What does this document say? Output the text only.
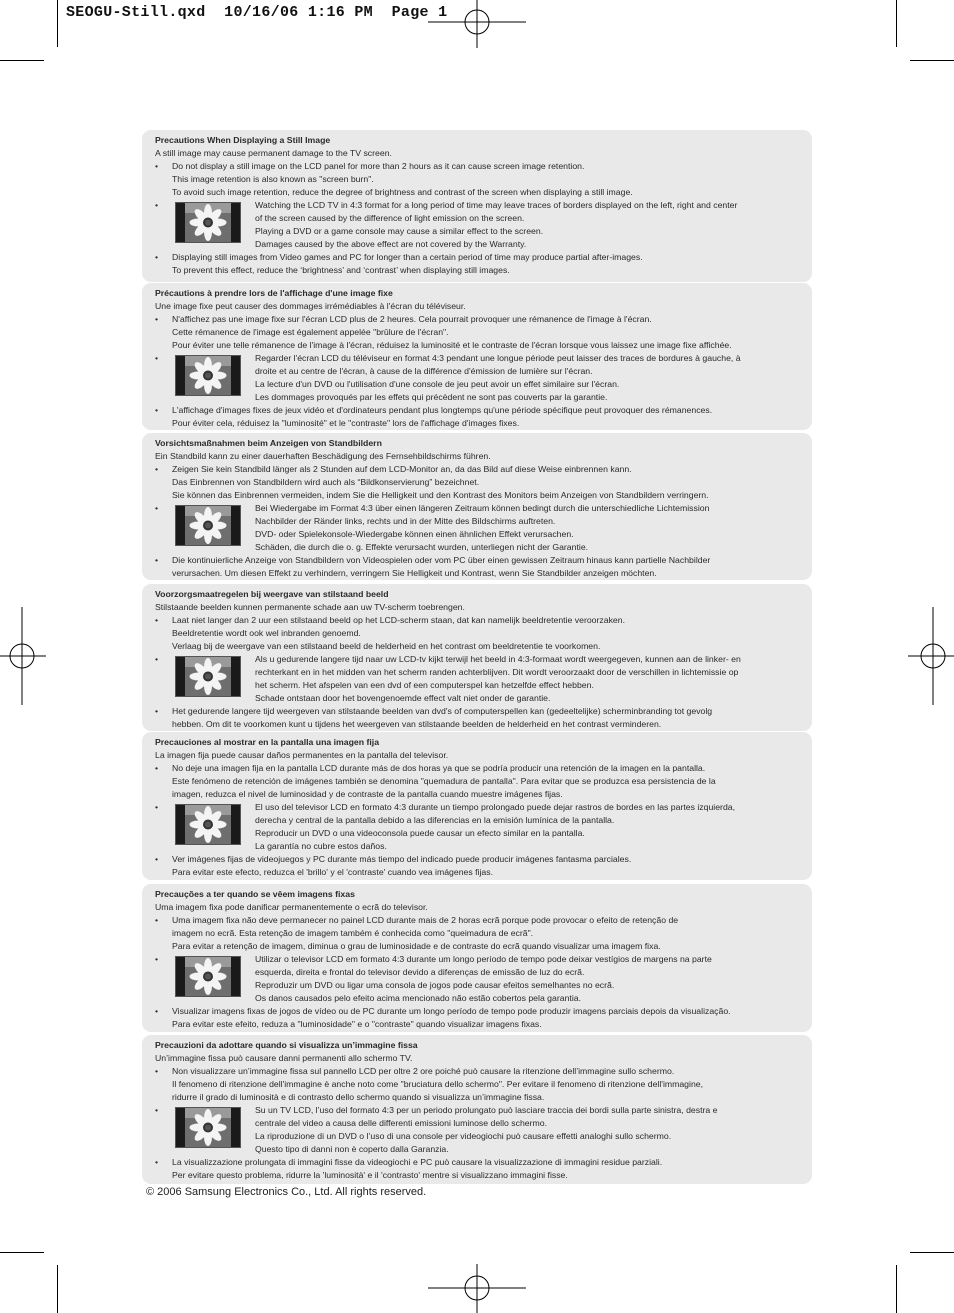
SEOGU-Still.qxd 10/16/06 1:16 PM Page 1
Precautions When Displaying a Still Image
A still image may cause permanent damage to the TV screen.
• Do not display a still image on the LCD panel for more than 2 hours as it can cause screen image retention.
This image retention is also known as "screen burn".
To avoid such image retention, reduce the degree of brightness and contrast of the screen when displaying a still image.
•	Watching the LCD TV in 4:3 format for a long period of time may leave traces of borders displayed on the left, right and center
of the screen caused by the difference of light emission on the screen.
Playing a DVD or a game console may cause a similar effect to the screen.
Damages caused by the above effect are not covered by the Warranty.
• Displaying still images from Video games and PC for longer than a certain period of time may produce partial after-images.
To prevent this effect, reduce the ‘brightness’ and ‘contrast’ when displaying still images.
Précautions à prendre lors de l'affichage d'une image fixe
Une image fixe peut causer des dommages irrémédiables à l'écran du téléviseur.
• N'affichez pas une image fixe sur l'écran LCD plus de 2 heures. Cela pourrait provoquer une rémanence de l'image à l'écran.
Cette rémanence de l'image est également appelée "brûlure de l'écran".
Pour éviter une telle rémanence de l'image à l'écran, réduisez la luminosité et le contraste de l'écran lorsque vous laissez une image fixe affichée.
•	Regarder l'écran LCD du téléviseur en format 4:3 pendant une longue période peut laisser des traces de bordures à gauche, à
droite et au centre de l'écran, à cause de la différence d'émission de lumière sur l'écran.
La lecture d'un DVD ou l'utilisation d'une console de jeu peut avoir un effet similaire sur l'écran.
Les dommages provoqués par les effets qui précèdent ne sont pas couverts par la garantie.
• L'affichage d'images fixes de jeux vidéo et d'ordinateurs pendant plus longtemps qu'une période spécifique peut provoquer des rémanences.
Pour éviter cela, réduisez la "luminosité" et le "contraste" lors de l'affichage d'images fixes.
Vorsichtsmaßnahmen beim Anzeigen von Standbildern
Ein Standbild kann zu einer dauerhaften Beschädigung des Fernsehbildschirms führen.
• Zeigen Sie kein Standbild länger als 2 Stunden auf dem LCD-Monitor an, da das Bild auf diese Weise einbrennen kann.
Das Einbrennen von Standbildern wird auch als “Bildkonservierung” bezeichnet.
Sie können das Einbrennen vermeiden, indem Sie die Helligkeit und den Kontrast des Monitors beim Anzeigen von Standbildern verringern.
•	Bei Wiedergabe im Format 4:3 über einen längeren Zeitraum können bedingt durch die unterschiedliche Lichtemission
Nachbilder der Ränder links, rechts und in der Mitte des Bildschirms auftreten.
DVD- oder Spielekonsole-Wiedergabe können einen ähnlichen Effekt verursachen.
Schäden, die durch die o. g. Effekte verursacht wurden, unterliegen nicht der Garantie.
• Die kontinuierliche Anzeige von Standbildern von Videospielen oder vom PC über einen gewissen Zeitraum hinaus kann partielle Nachbilder
verursachen. Um diesen Effekt zu verhindern, verringern Sie Helligkeit und Kontrast, wenn Sie Standbilder anzeigen möchten.
Voorzorgsmaatregelen bij weergave van stilstaand beeld
Stilstaande beelden kunnen permanente schade aan uw TV-scherm toebrengen.
• Laat niet langer dan 2 uur een stilstaand beeld op het LCD-scherm staan, dat kan namelijk beeldretentie veroorzaken.
Beeldretentie wordt ook wel inbranden genoemd.
Verlaag bij de weergave van een stilstaand beeld de helderheid en het contrast om beeldretentie te voorkomen.
•	Als u gedurende langere tijd naar uw LCD-tv kijkt terwijl het beeld in 4:3-formaat wordt weergegeven, kunnen aan de linker- en
rechterkant en in het midden van het scherm randen achterblijven. Dit wordt veroorzaakt door de verschillen in lichtemissie op
het scherm. Het afspelen van een dvd of een computerspel kan hetzelfde effect hebben.
Schade ontstaan door het bovengenoemde effect valt niet onder de garantie.
• Het gedurende langere tijd weergeven van stilstaande beelden van dvd's of computerspellen kan (gedeeltelijke) scherminbranding tot gevolg
hebben. Om dit te voorkomen kunt u tijdens het weergeven van stilstaande beelden de helderheid en het contrast verminderen.
Precauciones al mostrar en la pantalla una imagen fija
La imagen fija puede causar daños permanentes en la pantalla del televisor.
• No deje una imagen fija en la pantalla LCD durante más de dos horas ya que se podría producir una retención de la imagen en la pantalla.
Este fenómeno de retención de imágenes también se denomina "quemadura de pantalla". Para evitar que se produzca esa persistencia de la
imagen, reduzca el nivel de luminosidad y de contraste de la pantalla cuando muestre imágenes fijas.
•	El uso del televisor LCD en formato 4:3 durante un tiempo prolongado puede dejar rastros de bordes en las partes izquierda,
derecha y central de la pantalla debido a las diferencias en la emisión lumínica de la pantalla.
Reproducir un DVD o una videoconsola puede causar un efecto similar en la pantalla.
La garantía no cubre estos daños.
• Ver imágenes fijas de videojuegos y PC durante más tiempo del indicado puede producir imágenes fantasma parciales.
Para evitar este efecto, reduzca el 'brillo' y el 'contraste' cuando vea imágenes fijas.
Precauções a ter quando se vêem imagens fixas
Uma imagem fixa pode danificar permanentemente o ecrã do televisor.
• Uma imagem fixa não deve permanecer no painel LCD durante mais de 2 horas ecrã porque pode provocar o efeito de retenção de
imagem no ecrã. Esta retenção de imagem também é conhecida como "queimadura de ecrã".
Para evitar a retenção de imagem, diminua o grau de luminosidade e de contraste do ecrã quando visualizar uma imagem fixa.
•	Utilizar o televisor LCD em formato 4:3 durante um longo período de tempo pode deixar vestígios de margens na parte
esquerda, direita e frontal do televisor devido a diferenças de emissão de luz do ecrã.
Reproduzir um DVD ou ligar uma consola de jogos pode causar efeitos semelhantes no ecrã.
Os danos causados pelo efeito acima mencionado não estão cobertos pela garantia.
• Visualizar imagens fixas de jogos de vídeo ou de PC durante um longo período de tempo pode produzir imagens parciais depois da visualização.
Para evitar este efeito, reduza a "luminosidade" e o "contraste" quando visualizar imagens fixas.
Precauzioni da adottare quando si visualizza un’immagine fissa
Un’immagine fissa può causare danni permanenti allo schermo TV.
• Non visualizzare un’immagine fissa sul pannello LCD per oltre 2 ore poiché può causare la ritenzione dell’immagine sullo schermo.
Il fenomeno di ritenzione dell'immagine è anche noto come "bruciatura dello schermo". Per evitare il fenomeno di ritenzione dell'immagine,
ridurre il grado di luminosità e di contrasto dello schermo quando si visualizza un’immagine fissa.
•	Su un TV LCD, l’uso del formato 4:3 per un periodo prolungato può lasciare traccia dei bordi sulla parte sinistra, destra e
centrale del video a causa delle differenti emissioni luminose dello schermo.
La riproduzione di un DVD o l’uso di una console per videogiochi può causare effetti analoghi sullo schermo.
Questo tipo di danni non è coperto dalla Garanzia.
• La visualizzazione prolungata di immagini fisse da videogiochi e PC può causare la visualizzazione di immagini residue parziali.
Per evitare questo problema, ridurre la 'luminosità' e il 'contrasto' mentre si visualizzano immagini fisse.
© 2006 Samsung Electronics Co., Ltd. All rights reserved.
